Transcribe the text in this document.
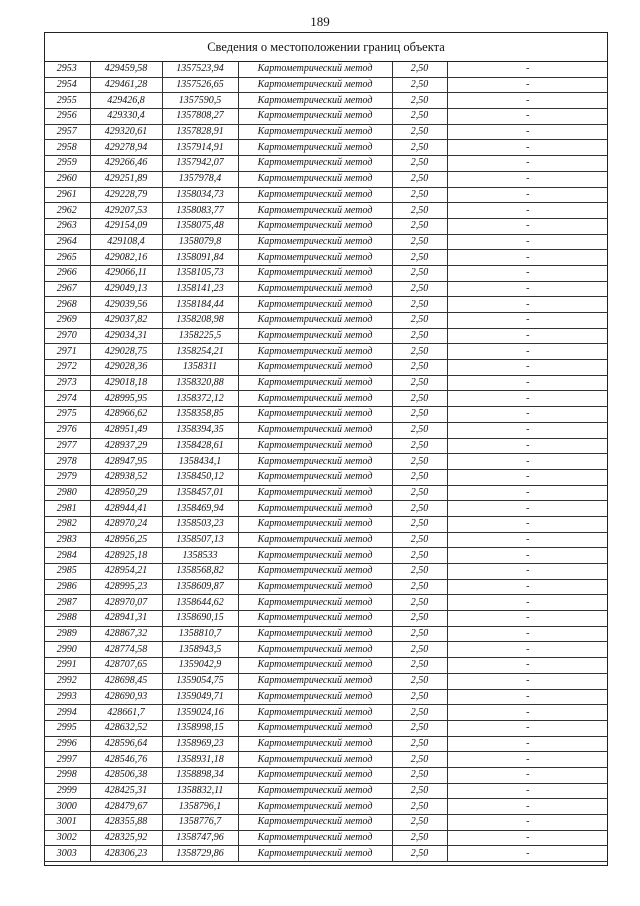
189
Сведения о местоположении границ объекта
2953	429459,58	1357523,94	Картометрический метод	2,50	-
2954	429461,28	1357526,65	Картометрический метод	2,50	-
2955	429426,8	1357590,5	Картометрический метод	2,50	-
2956	429330,4	1357808,27	Картометрический метод	2,50	-
2957	429320,61	1357828,91	Картометрический метод	2,50	-
2958	429278,94	1357914,91	Картометрический метод	2,50	-
2959	429266,46	1357942,07	Картометрический метод	2,50	-
2960	429251,89	1357978,4	Картометрический метод	2,50	-
2961	429228,79	1358034,73	Картометрический метод	2,50	-
2962	429207,53	1358083,77	Картометрический метод	2,50	-
2963	429154,09	1358075,48	Картометрический метод	2,50	-
2964	429108,4	1358079,8	Картометрический метод	2,50	-
2965	429082,16	1358091,84	Картометрический метод	2,50	-
2966	429066,11	1358105,73	Картометрический метод	2,50	-
2967	429049,13	1358141,23	Картометрический метод	2,50	-
2968	429039,56	1358184,44	Картометрический метод	2,50	-
2969	429037,82	1358208,98	Картометрический метод	2,50	-
2970	429034,31	1358225,5	Картометрический метод	2,50	-
2971	429028,75	1358254,21	Картометрический метод	2,50	-
2972	429028,36	1358311	Картометрический метод	2,50	-
2973	429018,18	1358320,88	Картометрический метод	2,50	-
2974	428995,95	1358372,12	Картометрический метод	2,50	-
2975	428966,62	1358358,85	Картометрический метод	2,50	-
2976	428951,49	1358394,35	Картометрический метод	2,50	-
2977	428937,29	1358428,61	Картометрический метод	2,50	-
2978	428947,95	1358434,1	Картометрический метод	2,50	-
2979	428938,52	1358450,12	Картометрический метод	2,50	-
2980	428950,29	1358457,01	Картометрический метод	2,50	-
2981	428944,41	1358469,94	Картометрический метод	2,50	-
2982	428970,24	1358503,23	Картометрический метод	2,50	-
2983	428956,25	1358507,13	Картометрический метод	2,50	-
2984	428925,18	1358533	Картометрический метод	2,50	-
2985	428954,21	1358568,82	Картометрический метод	2,50	-
2986	428995,23	1358609,87	Картометрический метод	2,50	-
2987	428970,07	1358644,62	Картометрический метод	2,50	-
2988	428941,31	1358690,15	Картометрический метод	2,50	-
2989	428867,32	1358810,7	Картометрический метод	2,50	-
2990	428774,58	1358943,5	Картометрический метод	2,50	-
2991	428707,65	1359042,9	Картометрический метод	2,50	-
2992	428698,45	1359054,75	Картометрический метод	2,50	-
2993	428690,93	1359049,71	Картометрический метод	2,50	-
2994	428661,7	1359024,16	Картометрический метод	2,50	-
2995	428632,52	1358998,15	Картометрический метод	2,50	-
2996	428596,64	1358969,23	Картометрический метод	2,50	-
2997	428546,76	1358931,18	Картометрический метод	2,50	-
2998	428506,38	1358898,34	Картометрический метод	2,50	-
2999	428425,31	1358832,11	Картометрический метод	2,50	-
3000	428479,67	1358796,1	Картометрический метод	2,50	-
3001	428355,88	1358776,7	Картометрический метод	2,50	-
3002	428325,92	1358747,96	Картометрический метод	2,50	-
3003	428306,23	1358729,86	Картометрический метод	2,50	-
